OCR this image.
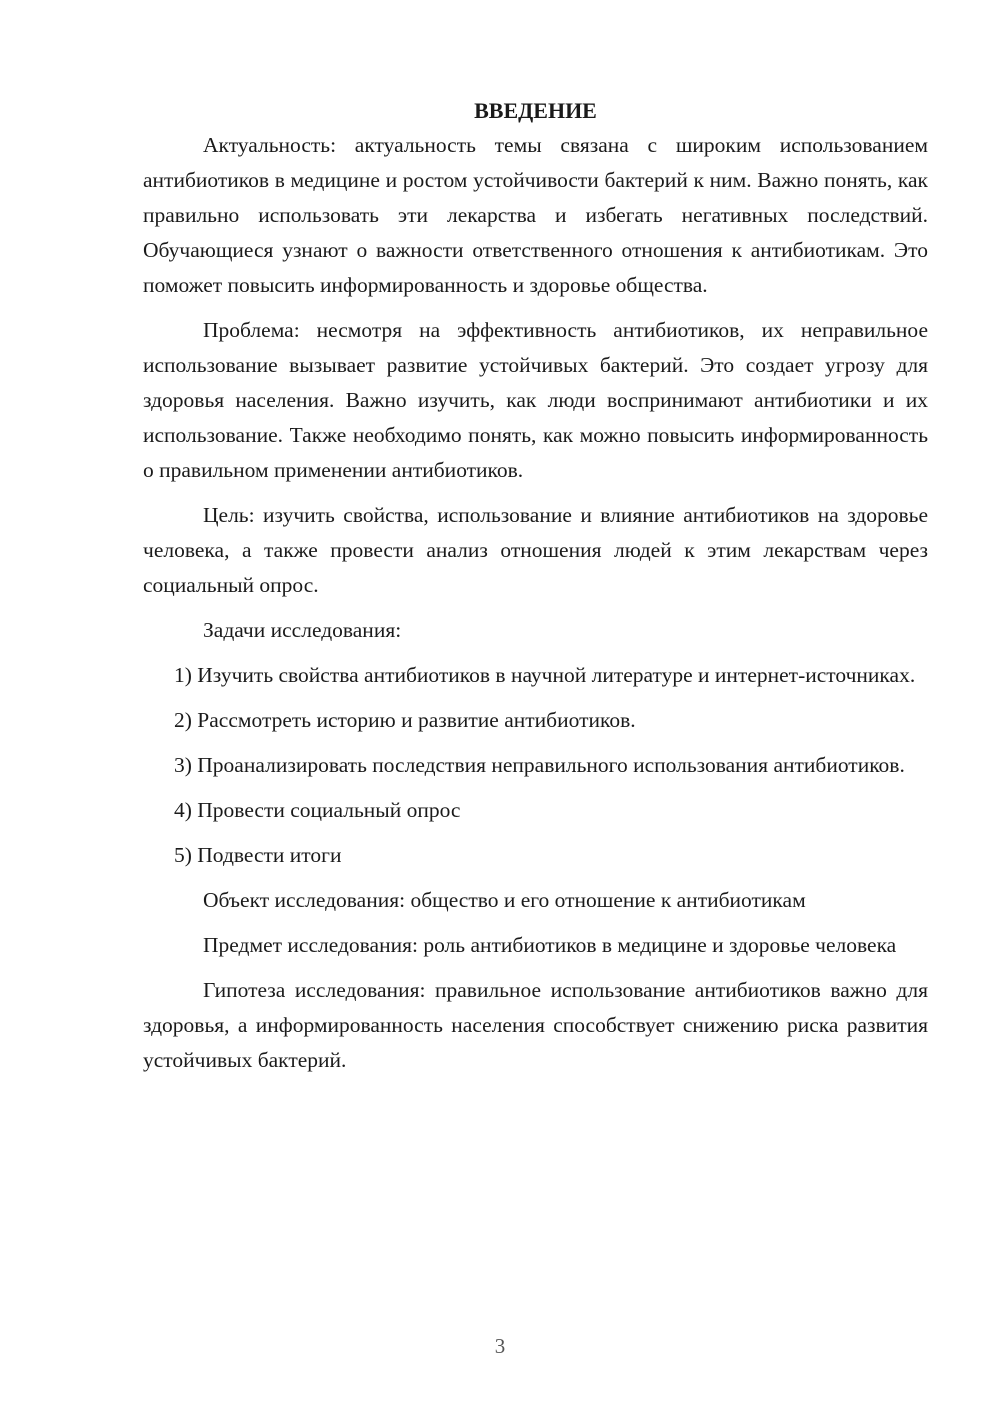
ВВЕДЕНИЕ

Актуальность: актуальность темы связана с широким использованием антибиотиков в медицине и ростом устойчивости бактерий к ним. Важно понять, как правильно использовать эти лекарства и избегать негативных последствий. Обучающиеся узнают о важности ответственного отношения к антибиотикам. Это поможет повысить информированность и здоровье общества.

Проблема: несмотря на эффективность антибиотиков, их неправильное использование вызывает развитие устойчивых бактерий. Это создает угрозу для здоровья населения. Важно изучить, как люди воспринимают антибиотики и их использование. Также необходимо понять, как можно повысить информированность о правильном применении антибиотиков.

Цель: изучить свойства, использование и влияние антибиотиков на здоровье человека, а также провести анализ отношения людей к этим лекарствам через социальный опрос.

Задачи исследования:

1) Изучить свойства антибиотиков в научной литературе и интернет-источниках.

2) Рассмотреть историю и развитие антибиотиков.

3) Проанализировать последствия неправильного использования антибиотиков.

4) Провести социальный опрос

5) Подвести итоги

Объект исследования: общество и его отношение к антибиотикам

Предмет исследования: роль антибиотиков в медицине и здоровье человека

Гипотеза исследования: правильное использование антибиотиков важно для здоровья, а информированность населения способствует снижению риска развития устойчивых бактерий.

3
